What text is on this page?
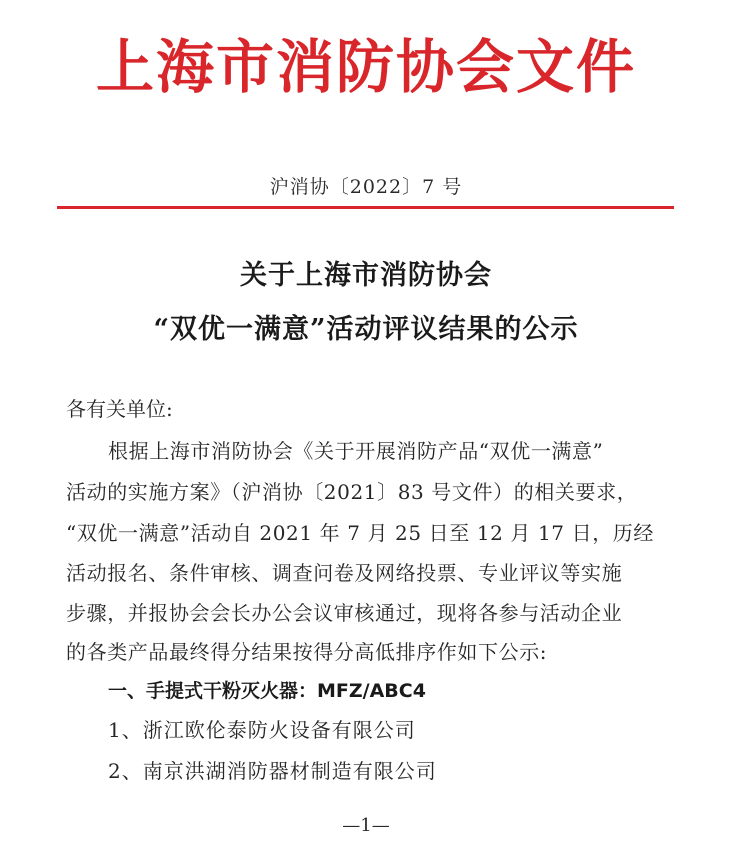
上海市消防协会文件
沪消协〔2022〕7 号
关于上海市消防协会
“双优一满意”活动评议结果的公示
各有关单位:
根据上海市消防协会《关于开展消防产品“双优一满意”
活动的实施方案》（沪消协〔2021〕83 号文件）的相关要求，
“双优一满意”活动自 2021 年 7 月 25 日至 12 月 17 日，历经
活动报名、条件审核、调查问卷及网络投票、专业评议等实施
步骤，并报协会会长办公会议审核通过，现将各参与活动企业
的各类产品最终得分结果按得分高低排序作如下公示:
一、手提式干粉灭火器：MFZ/ABC4
1、浙江欧伦泰防火设备有限公司
2、南京洪湖消防器材制造有限公司
—1—
